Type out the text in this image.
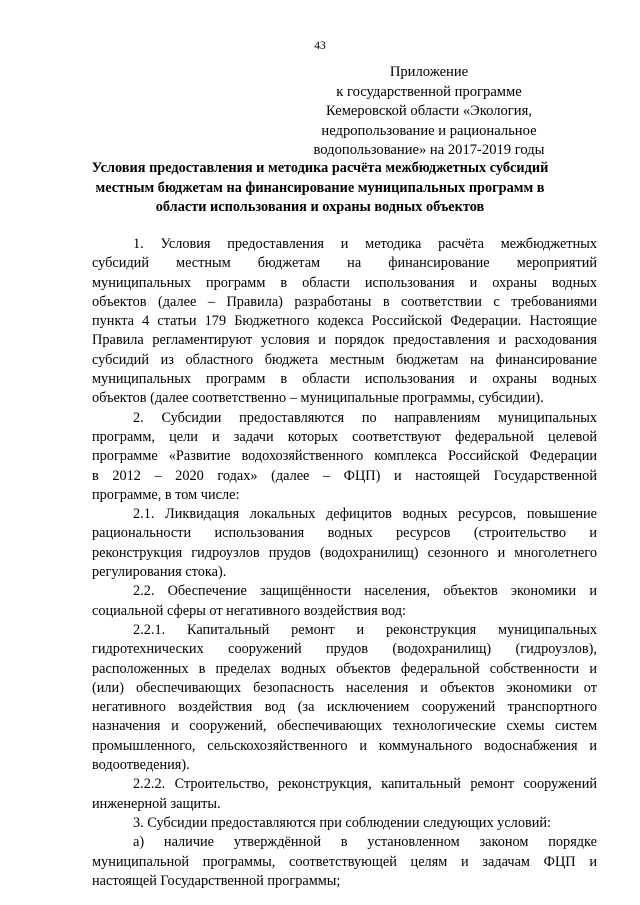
43
Приложение
к государственной программе
Кемеровской области «Экология,
недропользование и рациональное
водопользование» на 2017-2019 годы
Условия предоставления и методика расчёта межбюджетных субсидий
местным бюджетам на финансирование муниципальных программ в
области использования и охраны водных объектов
1. Условия предоставления и методика расчёта межбюджетных
субсидий местным бюджетам на финансирование мероприятий
муниципальных программ в области использования и охраны водных
объектов (далее – Правила) разработаны в соответствии с требованиями
пункта 4 статьи 179 Бюджетного кодекса Российской Федерации. Настоящие
Правила регламентируют условия и порядок предоставления и расходования
субсидий из областного бюджета местным бюджетам на финансирование
муниципальных программ в области использования и охраны водных
объектов (далее соответственно – муниципальные программы, субсидии).
2. Субсидии предоставляются по направлениям муниципальных
программ, цели и задачи которых соответствуют федеральной целевой
программе «Развитие водохозяйственного комплекса Российской Федерации
в 2012 – 2020 годах» (далее – ФЦП) и настоящей Государственной
программе, в том числе:
2.1. Ликвидация локальных дефицитов водных ресурсов, повышение
рациональности использования водных ресурсов (строительство и
реконструкция гидроузлов прудов (водохранилищ) сезонного и многолетнего
регулирования стока).
2.2. Обеспечение защищённости населения, объектов экономики и
социальной сферы от негативного воздействия вод:
2.2.1. Капитальный ремонт и реконструкция муниципальных
гидротехнических сооружений прудов (водохранилищ) (гидроузлов),
расположенных в пределах водных объектов федеральной собственности и
(или) обеспечивающих безопасность населения и объектов экономики от
негативного воздействия вод (за исключением сооружений транспортного
назначения и сооружений, обеспечивающих технологические схемы систем
промышленного, сельскохозяйственного и коммунального водоснабжения и
водоотведения).
2.2.2. Строительство, реконструкция, капитальный ремонт сооружений
инженерной защиты.
3. Субсидии предоставляются при соблюдении следующих условий:
а) наличие утверждённой в установленном законом порядке
муниципальной программы, соответствующей целям и задачам ФЦП и
настоящей Государственной программы;
